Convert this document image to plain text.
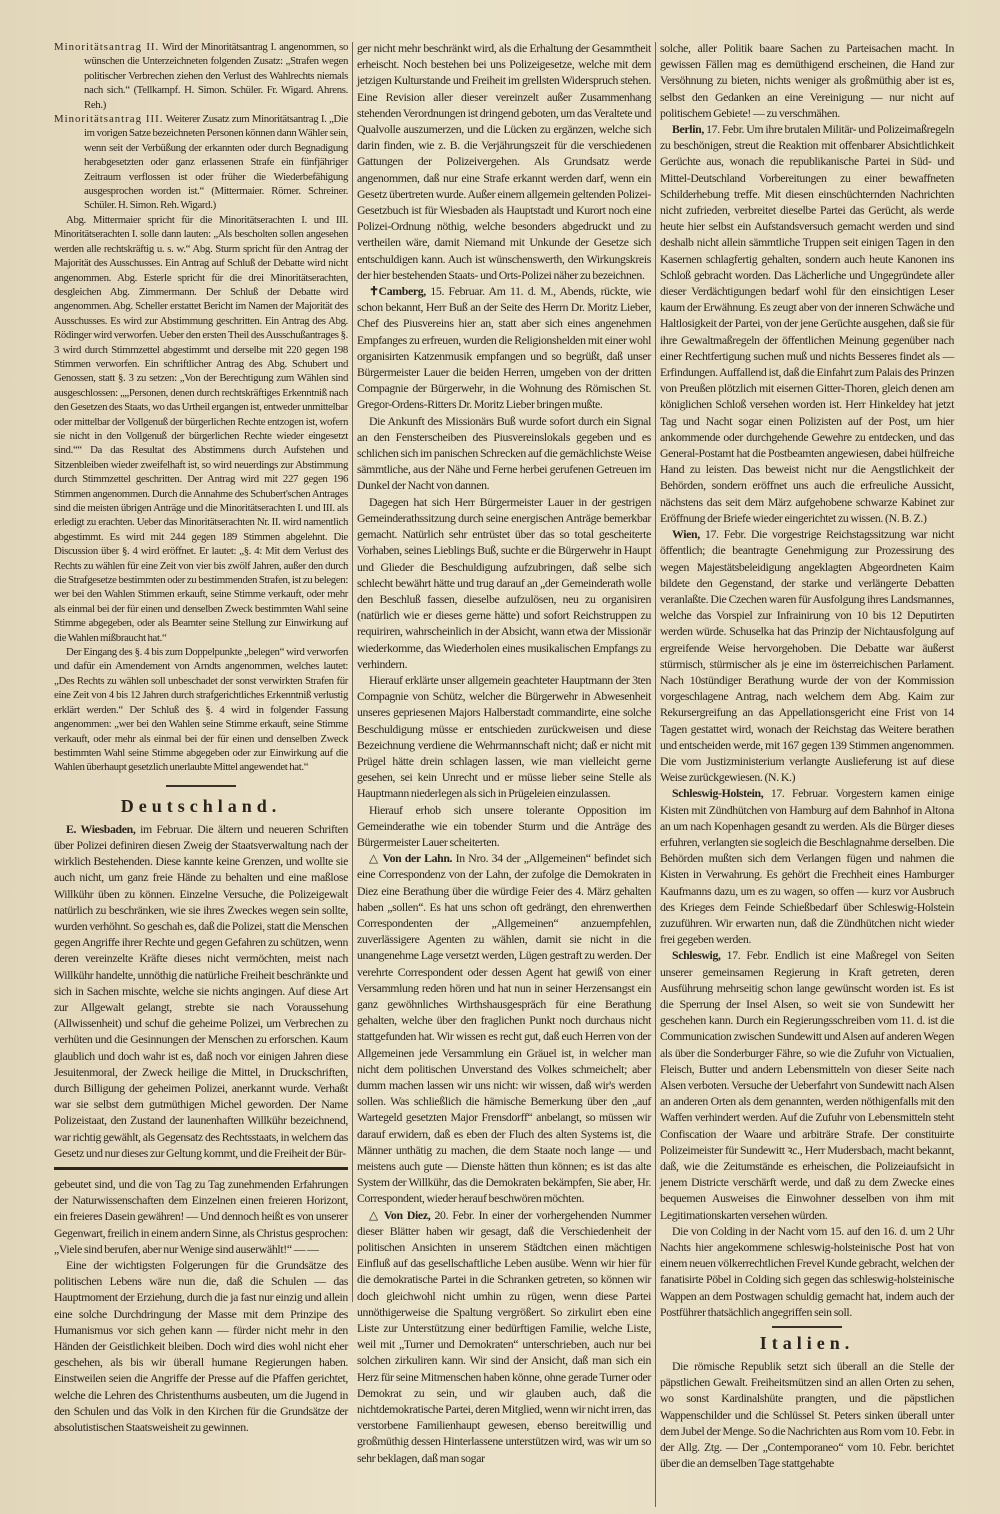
Minoritätsantrag II. Wird der Minoritätsantrag I. angenommen, so wünschen die Unterzeichneten folgenden Zusatz: „Strafen wegen politischer Verbrechen ziehen den Verlust des Wahlrechts niemals nach sich.“ (Tellkampf. H. Simon. Schüler. Fr. Wigard. Ahrens. Reh.)

Minoritätsantrag III. Weiterer Zusatz zum Minoritätsantrag I. „Die im vorigen Satze bezeichneten Personen können dann Wähler sein, wenn seit der Verbüßung der erkannten oder durch Begnadigung herabgesetzten oder ganz erlassenen Strafe ein fünfjähriger Zeitraum verflossen ist oder früher die Wiederbefähigung ausgesprochen worden ist.“ (Mittermaier. Römer. Schreiner. Schüler. H. Simon. Reh. Wigard.)

Abg. Mittermaier spricht für die Minoritätserachten I. und III. Minoritätserachten I. solle dann lauten: „Als bescholten sollen angesehen werden alle rechtskräftig u. s. w.“ Abg. Sturm spricht für den Antrag der Majorität des Ausschusses. Ein Antrag auf Schluß der Debatte wird nicht angenommen. Abg. Esterle spricht für die drei Minoritätserachten, desgleichen Abg. Zimmermann. Der Schluß der Debatte wird angenommen. Abg. Scheller erstattet Bericht im Namen der Majorität des Ausschusses. Es wird zur Abstimmung geschritten. Ein Antrag des Abg. Rödinger wird verworfen. Ueber den ersten Theil des Ausschußantrages §. 3 wird durch Stimmzettel abgestimmt und derselbe mit 220 gegen 198 Stimmen verworfen. Ein schriftlicher Antrag des Abg. Schubert und Genossen, statt §. 3 zu setzen: „Von der Berechtigung zum Wählen sind ausgeschlossen: „„Personen, denen durch rechtskräftiges Erkenntniß nach den Gesetzen des Staats, wo das Urtheil ergangen ist, entweder unmittelbar oder mittelbar der Vollgenuß der bürgerlichen Rechte entzogen ist, wofern sie nicht in den Vollgenuß der bürgerlichen Rechte wieder eingesetzt sind.““ Da das Resultat des Abstimmens durch Aufstehen und Sitzenbleiben wieder zweifelhaft ist, so wird neuerdings zur Abstimmung durch Stimmzettel geschritten. Der Antrag wird mit 227 gegen 196 Stimmen angenommen. Durch die Annahme des Schubert'schen Antrages sind die meisten übrigen Anträge und die Minoritätserachten I. und III. als erledigt zu erachten. Ueber das Minoritätserachten Nr. II. wird namentlich abgestimmt. Es wird mit 244 gegen 189 Stimmen abgelehnt. Die Discussion über §. 4 wird eröffnet. Er lautet: „§. 4: Mit dem Verlust des Rechts zu wählen für eine Zeit von vier bis zwölf Jahren, außer den durch die Strafgesetze bestimmten oder zu bestimmenden Strafen, ist zu belegen: wer bei den Wahlen Stimmen erkauft, seine Stimme verkauft, oder mehr als einmal bei der für einen und denselben Zweck bestimmten Wahl seine Stimme abgegeben, oder als Beamter seine Stellung zur Einwirkung auf die Wahlen mißbraucht hat.“

Der Eingang des §. 4 bis zum Doppelpunkte „belegen“ wird verworfen und dafür ein Amendement von Arndts angenommen, welches lautet: „Des Rechts zu wählen soll unbeschadet der sonst verwirkten Strafen für eine Zeit von 4 bis 12 Jahren durch strafgerichtliches Erkenntniß verlustig erklärt werden.“ Der Schluß des §. 4 wird in folgender Fassung angenommen: „wer bei den Wahlen seine Stimme erkauft, seine Stimme verkauft, oder mehr als einmal bei der für einen und denselben Zweck bestimmten Wahl seine Stimme abgegeben oder zur Einwirkung auf die Wahlen überhaupt gesetzlich unerlaubte Mittel angewendet hat.“

Deutschland.

E. Wiesbaden, im Februar. Die ältern und neueren Schriften über Polizei definiren diesen Zweig der Staatsverwaltung nach der wirklich Bestehenden. Diese kannte keine Grenzen, und wollte sie auch nicht, um ganz freie Hände zu behalten und eine maßlose Willkühr üben zu können. Einzelne Versuche, die Polizeigewalt natürlich zu beschränken, wie sie ihres Zweckes wegen sein sollte, wurden verhöhnt. So geschah es, daß die Polizei, statt die Menschen gegen Angriffe ihrer Rechte und gegen Gefahren zu schützen, wenn deren vereinzelte Kräfte dieses nicht vermöchten, meist nach Willkühr handelte, unnöthig die natürliche Freiheit beschränkte und sich in Sachen mischte, welche sie nichts angingen. Auf diese Art zur Allgewalt gelangt, strebte sie nach Voraussehung (Allwissenheit) und schuf die geheime Polizei, um Verbrechen zu verhüten und die Gesinnungen der Menschen zu erforschen. Kaum glaublich und doch wahr ist es, daß noch vor einigen Jahren diese Jesuitenmoral, der Zweck heilige die Mittel, in Druckschriften, durch Billigung der geheimen Polizei, anerkannt wurde. Verhaßt war sie selbst dem gutmüthigen Michel geworden. Der Name Polizeistaat, den Zustand der launenhaften Willkühr bezeichnend, war richtig gewählt, als Gegensatz des Rechtsstaats, in welchem das Gesetz und nur dieses zur Geltung kommt, und die Freiheit der Bür-

gebeutet sind, und die von Tag zu Tag zunehmenden Erfahrungen der Naturwissenschaften dem Einzelnen einen freieren Horizont, ein freieres Dasein gewähren! — Und dennoch heißt es von unserer Gegenwart, freilich in einem andern Sinne, als Christus gesprochen: „Viele sind berufen, aber nur Wenige sind auserwählt!“ — —

Eine der wichtigsten Folgerungen für die Grundsätze des politischen Lebens wäre nun die, daß die Schulen — das Hauptmoment der Erziehung, durch die ja fast nur einzig und allein eine solche Durchdringung der Masse mit dem Prinzipe des Humanismus vor sich gehen kann — fürder nicht mehr in den Händen der Geistlichkeit bleiben. Doch wird dies wohl nicht eher geschehen, als bis wir überall humane Regierungen haben. Einstweilen seien die Angriffe der Presse auf die Pfaffen gerichtet, welche die Lehren des Christenthums ausbeuten, um die Jugend in den Schulen und das Volk in den Kirchen für die Grundsätze der absolutistischen Staatsweisheit zu gewinnen.

ger nicht mehr beschränkt wird, als die Erhaltung der Gesammtheit erheischt. Noch bestehen bei uns Polizeigesetze, welche mit dem jetzigen Kulturstande und Freiheit im grellsten Widerspruch stehen. Eine Revision aller dieser vereinzelt außer Zusammenhang stehenden Verordnungen ist dringend geboten, um das Veraltete und Qualvolle auszumerzen, und die Lücken zu ergänzen, welche sich darin finden, wie z. B. die Verjährungszeit für die verschiedenen Gattungen der Polizeivergehen. Als Grundsatz werde angenommen, daß nur eine Strafe erkannt werden darf, wenn ein Gesetz übertreten wurde. Außer einem allgemein geltenden Polizei-Gesetzbuch ist für Wiesbaden als Hauptstadt und Kurort noch eine Polizei-Ordnung nöthig, welche besonders abgedruckt und zu vertheilen wäre, damit Niemand mit Unkunde der Gesetze sich entschuldigen kann. Auch ist wünschenswerth, den Wirkungskreis der hier bestehenden Staats- und Orts-Polizei näher zu bezeichnen.

✝Camberg, 15. Februar. Am 11. d. M., Abends, rückte, wie schon bekannt, Herr Buß an der Seite des Herrn Dr. Moritz Lieber, Chef des Piusvereins hier an, statt aber sich eines angenehmen Empfanges zu erfreuen, wurden die Religionshelden mit einer wohl organisirten Katzenmusik empfangen und so begrüßt, daß unser Bürgermeister Lauer die beiden Herren, umgeben von der dritten Compagnie der Bürgerwehr, in die Wohnung des Römischen St. Gregor-Ordens-Ritters Dr. Moritz Lieber bringen mußte.

Die Ankunft des Missionärs Buß wurde sofort durch ein Signal an den Fensterscheiben des Piusvereinslokals gegeben und es schlichen sich im panischen Schrecken auf die gemächlichste Weise sämmtliche, aus der Nähe und Ferne herbei gerufenen Getreuen im Dunkel der Nacht von dannen.

Dagegen hat sich Herr Bürgermeister Lauer in der gestrigen Gemeinderathssitzung durch seine energischen Anträge bemerkbar gemacht. Natürlich sehr entrüstet über das so total gescheiterte Vorhaben, seines Lieblings Buß, suchte er die Bürgerwehr in Haupt und Glieder die Beschuldigung aufzubringen, daß selbe sich schlecht bewährt hätte und trug darauf an „der Gemeinderath wolle den Beschluß fassen, dieselbe aufzulösen, neu zu organisiren (natürlich wie er dieses gerne hätte) und sofort Reichstruppen zu requiriren, wahrscheinlich in der Absicht, wann etwa der Missionär wiederkomme, das Wiederholen eines musikalischen Empfangs zu verhindern.

Hierauf erklärte unser allgemein geachteter Hauptmann der 3ten Compagnie von Schütz, welcher die Bürgerwehr in Abwesenheit unseres gepriesenen Majors Halberstadt commandirte, eine solche Beschuldigung müsse er entschieden zurückweisen und diese Bezeichnung verdiene die Wehrmannschaft nicht; daß er nicht mit Prügel hätte drein schlagen lassen, wie man vielleicht gerne gesehen, sei kein Unrecht und er müsse lieber seine Stelle als Hauptmann niederlegen als sich in Prügeleien einzulassen.

Hierauf erhob sich unsere tolerante Opposition im Gemeinderathe wie ein tobender Sturm und die Anträge des Bürgermeister Lauer scheiterten.

△ Von der Lahn. In Nro. 34 der „Allgemeinen“ befindet sich eine Correspondenz von der Lahn, der zufolge die Demokraten in Diez eine Berathung über die würdige Feier des 4. März gehalten haben „sollen“. Es hat uns schon oft gedrängt, den ehrenwerthen Correspondenten der „Allgemeinen“ anzuempfehlen, zuverlässigere Agenten zu wählen, damit sie nicht in die unangenehme Lage versetzt werden, Lügen gestraft zu werden. Der verehrte Correspondent oder dessen Agent hat gewiß von einer Versammlung reden hören und hat nun in seiner Herzensangst ein ganz gewöhnliches Wirthshausgespräch für eine Berathung gehalten, welche über den fraglichen Punkt noch durchaus nicht stattgefunden hat. Wir wissen es recht gut, daß euch Herren von der Allgemeinen jede Versammlung ein Gräuel ist, in welcher man nicht dem politischen Unverstand des Volkes schmeichelt; aber dumm machen lassen wir uns nicht: wir wissen, daß wir's werden sollen. Was schließlich die hämische Bemerkung über den „auf Wartegeld gesetzten Major Frensdorff“ anbelangt, so müssen wir darauf erwidern, daß es eben der Fluch des alten Systems ist, die Männer unthätig zu machen, die dem Staate noch lange — und meistens auch gute — Dienste hätten thun können; es ist das alte System der Willkühr, das die Demokraten bekämpfen, Sie aber, Hr. Correspondent, wieder herauf beschwören möchten.

△ Von Diez, 20. Febr. In einer der vorhergehenden Nummer dieser Blätter haben wir gesagt, daß die Verschiedenheit der politischen Ansichten in unserem Städtchen einen mächtigen Einfluß auf das gesellschaftliche Leben ausübe. Wenn wir hier für die demokratische Partei in die Schranken getreten, so können wir doch gleichwohl nicht umhin zu rügen, wenn diese Partei unnöthigerweise die Spaltung vergrößert. So zirkulirt eben eine Liste zur Unterstützung einer bedürftigen Familie, welche Liste, weil mit „Turner und Demokraten“ unterschrieben, auch nur bei solchen zirkuliren kann. Wir sind der Ansicht, daß man sich ein Herz für seine Mitmenschen haben könne, ohne gerade Turner oder Demokrat zu sein, und wir glauben auch, daß die nichtdemokratische Partei, deren Mitglied, wenn wir nicht irren, das verstorbene Familienhaupt gewesen, ebenso bereitwillig und großmüthig dessen Hinterlassene unterstützen wird, was wir um so sehr beklagen, daß man sogar

solche, aller Politik baare Sachen zu Parteisachen macht. In gewissen Fällen mag es demüthigend erscheinen, die Hand zur Versöhnung zu bieten, nichts weniger als großmüthig aber ist es, selbst den Gedanken an eine Vereinigung — nur nicht auf politischem Gebiete! — zu verschmähen.

Berlin, 17. Febr. Um ihre brutalen Militär- und Polizeimaßregeln zu beschönigen, streut die Reaktion mit offenbarer Absichtlichkeit Gerüchte aus, wonach die republikanische Partei in Süd- und Mittel-Deutschland Vorbereitungen zu einer bewaffneten Schilderhebung treffe. Mit diesen einschüchternden Nachrichten nicht zufrieden, verbreitet dieselbe Partei das Gerücht, als werde heute hier selbst ein Aufstandsversuch gemacht werden und sind deshalb nicht allein sämmtliche Truppen seit einigen Tagen in den Kasernen schlagfertig gehalten, sondern auch heute Kanonen ins Schloß gebracht worden. Das Lächerliche und Ungegründete aller dieser Verdächtigungen bedarf wohl für den einsichtigen Leser kaum der Erwähnung. Es zeugt aber von der inneren Schwäche und Haltlosigkeit der Partei, von der jene Gerüchte ausgehen, daß sie für ihre Gewaltmaßregeln der öffentlichen Meinung gegenüber nach einer Rechtfertigung suchen muß und nichts Besseres findet als — Erfindungen. Auffallend ist, daß die Einfahrt zum Palais des Prinzen von Preußen plötzlich mit eisernen Gitter-Thoren, gleich denen am königlichen Schloß versehen worden ist. Herr Hinkeldey hat jetzt Tag und Nacht sogar einen Polizisten auf der Post, um hier ankommende oder durchgehende Gewehre zu entdecken, und das General-Postamt hat die Postbeamten angewiesen, dabei hülfreiche Hand zu leisten. Das beweist nicht nur die Aengstlichkeit der Behörden, sondern eröffnet uns auch die erfreuliche Aussicht, nächstens das seit dem März aufgehobene schwarze Kabinet zur Eröffnung der Briefe wieder eingerichtet zu wissen. (N. B. Z.)

Wien, 17. Febr. Die vorgestrige Reichstagssitzung war nicht öffentlich; die beantragte Genehmigung zur Prozessirung des wegen Majestätsbeleidigung angeklagten Abgeordneten Kaim bildete den Gegenstand, der starke und verlängerte Debatten veranlaßte. Die Czechen waren für Ausfolgung ihres Landsmannes, welche das Vorspiel zur Infrainirung von 10 bis 12 Deputirten werden würde. Schuselka hat das Prinzip der Nichtausfolgung auf ergreifende Weise hervorgehoben. Die Debatte war äußerst stürmisch, stürmischer als je eine im österreichischen Parlament. Nach 10stündiger Berathung wurde der von der Kommission vorgeschlagene Antrag, nach welchem dem Abg. Kaim zur Rekursergreifung an das Appellationsgericht eine Frist von 14 Tagen gestattet wird, wonach der Reichstag das Weitere berathen und entscheiden werde, mit 167 gegen 139 Stimmen angenommen. Die vom Justizministerium verlangte Auslieferung ist auf diese Weise zurückgewiesen. (N. K.)

Schleswig-Holstein, 17. Februar. Vorgestern kamen einige Kisten mit Zündhütchen von Hamburg auf dem Bahnhof in Altona an um nach Kopenhagen gesandt zu werden. Als die Bürger dieses erfuhren, verlangten sie sogleich die Beschlagnahme derselben. Die Behörden mußten sich dem Verlangen fügen und nahmen die Kisten in Verwahrung. Es gehört die Frechheit eines Hamburger Kaufmanns dazu, um es zu wagen, so offen — kurz vor Ausbruch des Krieges dem Feinde Schießbedarf über Schleswig-Holstein zuzuführen. Wir erwarten nun, daß die Zündhütchen nicht wieder frei gegeben werden.

Schleswig, 17. Febr. Endlich ist eine Maßregel von Seiten unserer gemeinsamen Regierung in Kraft getreten, deren Ausführung mehrseitig schon lange gewünscht worden ist. Es ist die Sperrung der Insel Alsen, so weit sie von Sundewitt her geschehen kann. Durch ein Regierungsschreiben vom 11. d. ist die Communication zwischen Sundewitt und Alsen auf anderen Wegen als über die Sonderburger Fähre, so wie die Zufuhr von Victualien, Fleisch, Butter und andern Lebensmitteln von dieser Seite nach Alsen verboten. Versuche der Ueberfahrt von Sundewitt nach Alsen an anderen Orten als dem genannten, werden nöthigenfalls mit den Waffen verhindert werden. Auf die Zufuhr von Lebensmitteln steht Confiscation der Waare und arbiträre Strafe. Der constituirte Polizeimeister für Sundewitt ꝛc., Herr Mudersbach, macht bekannt, daß, wie die Zeitumstände es erheischen, die Polizeiaufsicht in jenem Districte verschärft werde, und daß zu dem Zwecke eines bequemen Ausweises die Einwohner desselben von ihm mit Legitimationskarten versehen würden.

Die von Colding in der Nacht vom 15. auf den 16. d. um 2 Uhr Nachts hier angekommene schleswig-holsteinische Post hat von einem neuen völkerrechtlichen Frevel Kunde gebracht, welchen der fanatisirte Pöbel in Colding sich gegen das schleswig-holsteinische Wappen an dem Postwagen schuldig gemacht hat, indem auch der Postführer thatsächlich angegriffen sein soll.

Italien.

Die römische Republik setzt sich überall an die Stelle der päpstlichen Gewalt. Freiheitsmützen sind an allen Orten zu sehen, wo sonst Kardinalshüte prangten, und die päpstlichen Wappenschilder und die Schlüssel St. Peters sinken überall unter dem Jubel der Menge. So die Nachrichten aus Rom vom 10. Febr. in der Allg. Ztg. — Der „Contemporaneo“ vom 10. Febr. berichtet über die an demselben Tage stattgehabte
